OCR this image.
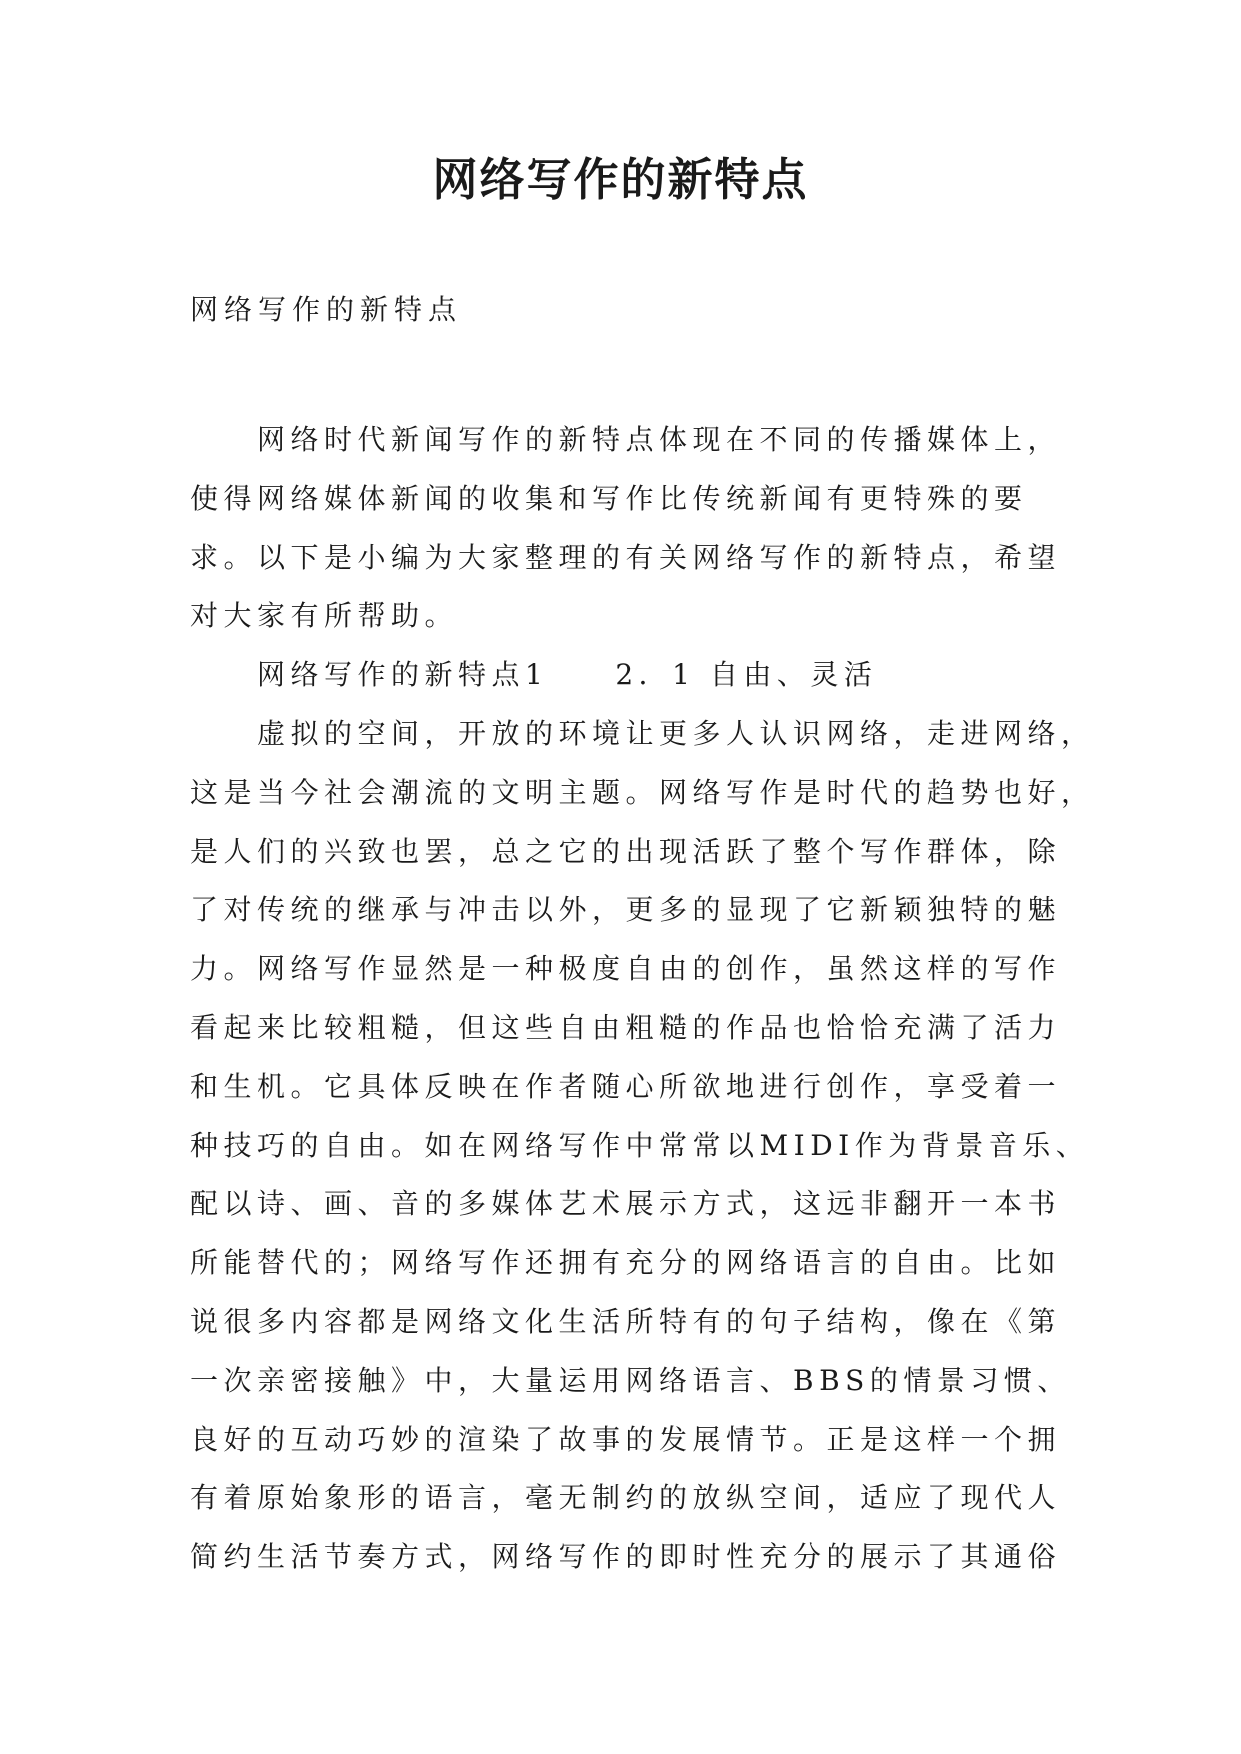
网络写作的新特点
网络写作的新特点
网络时代新闻写作的新特点体现在不同的传播媒体上，
使得网络媒体新闻的收集和写作比传统新闻有更特殊的要
求。以下是小编为大家整理的有关网络写作的新特点，希望
对大家有所帮助。
网络写作的新特点1　　2．1 自由、灵活
虚拟的空间，开放的环境让更多人认识网络，走进网络，
这是当今社会潮流的文明主题。网络写作是时代的趋势也好，
是人们的兴致也罢，总之它的出现活跃了整个写作群体，除
了对传统的继承与冲击以外，更多的显现了它新颖独特的魅
力。网络写作显然是一种极度自由的创作，虽然这样的写作
看起来比较粗糙，但这些自由粗糙的作品也恰恰充满了活力
和生机。它具体反映在作者随心所欲地进行创作，享受着一
种技巧的自由。如在网络写作中常常以MIDI作为背景音乐、
配以诗、画、音的多媒体艺术展示方式，这远非翻开一本书
所能替代的；网络写作还拥有充分的网络语言的自由。比如
说很多内容都是网络文化生活所特有的句子结构，像在《第
一次亲密接触》中，大量运用网络语言、BBS的情景习惯、
良好的互动巧妙的渲染了故事的发展情节。正是这样一个拥
有着原始象形的语言，毫无制约的放纵空间，适应了现代人
简约生活节奏方式，网络写作的即时性充分的展示了其通俗
